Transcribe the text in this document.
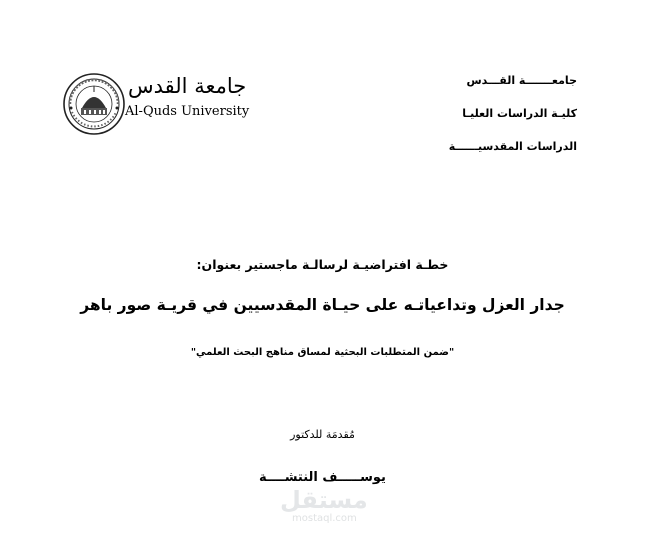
جامعـــــــة القـــدس
كليـة الدراسات العليـا
الدراسات المقدسيــــــة
جامعة القدس
Al-Quds University
خطـة افتراضيـة لرسالـة ماجستير بعنوان:
جدار العزل وتداعياتـه على حيـاة المقدسيين في قريـة صور باهر
"ضمن المتطلبات البحثية لمساق مناهج البحث العلمي"
مُقدمَة للدكتور
يوســـــف النتشــــة
مستقل
mostaql.com
